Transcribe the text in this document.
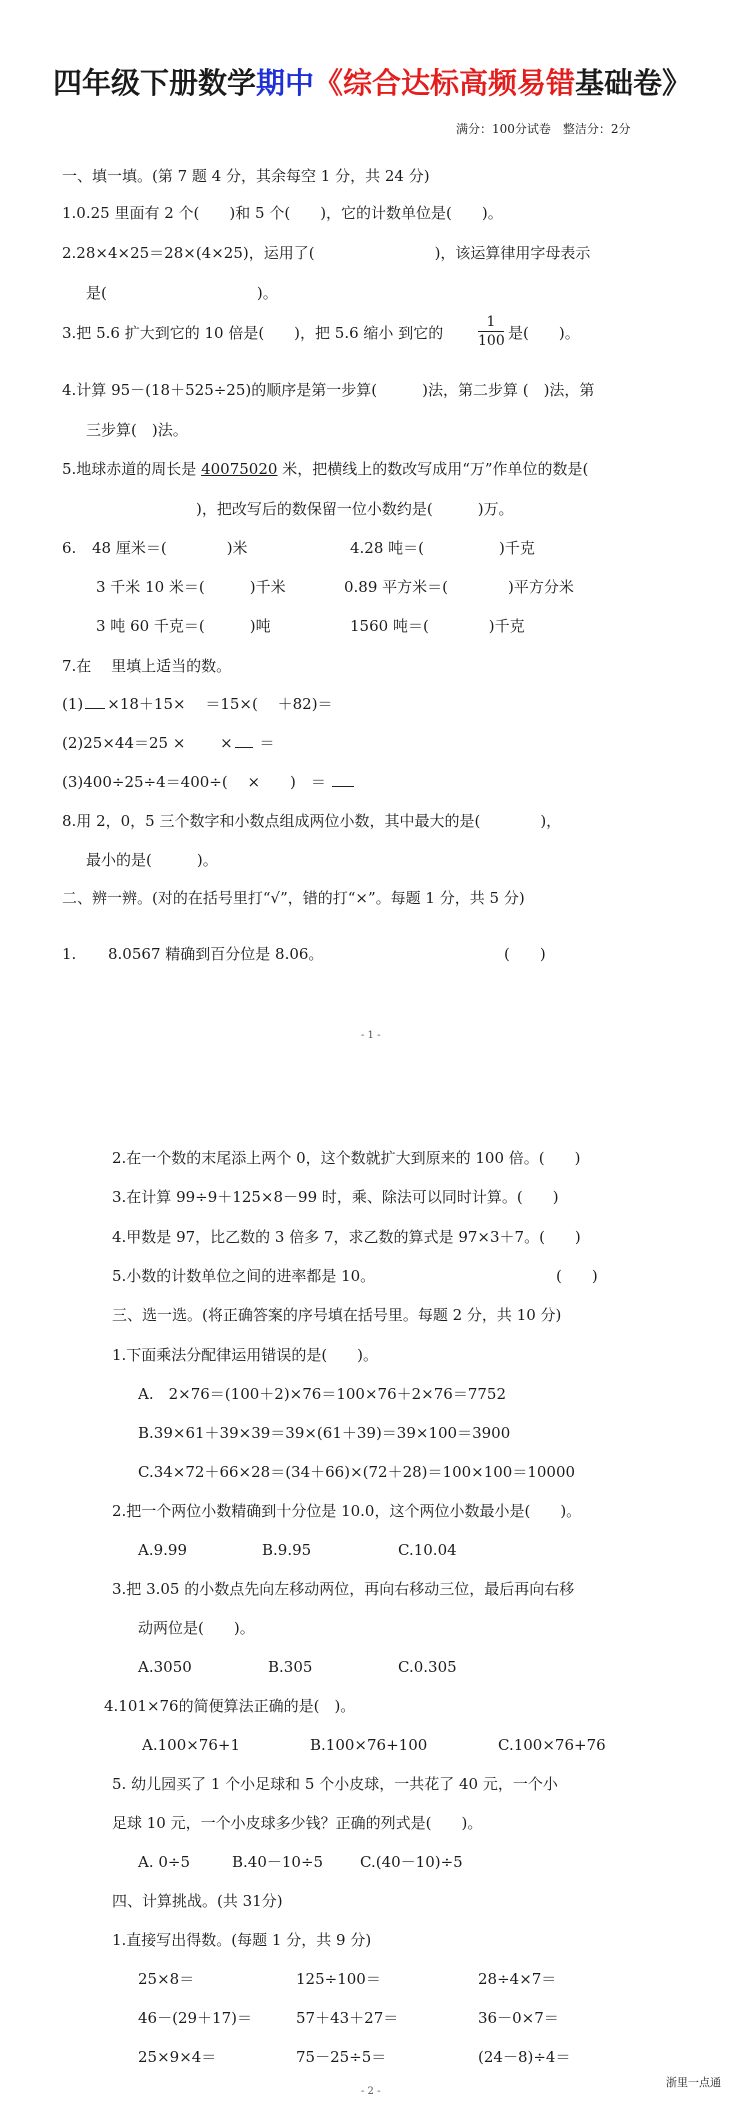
四年级下册数学期中《综合达标高频易错基础卷》
满分：100分试卷　整洁分：2分
一、填一填。(第 7 题 4 分，其余每空 1 分，共 24 分)
1.0.25 里面有 2 个(　　)和 5 个(　　)，它的计数单位是(　　)。
2.28×4×25＝28×(4×25)，运用了(　　　　　　　　)，该运算律用字母表示
是(　　　　　　　　　　)。
3.把 5.6 扩大到它的 10 倍是(　　)，把 5.6 缩小 到它的 $\frac{1}{100}$ 是(　　)。
4.计算 95－(18＋525÷25)的顺序是第一步算(　　　)法，第二步算 (　)法，第
三步算(　)法。
5.地球赤道的周长是 40075020 米，把横线上的数改写成用“万”作单位的数是(
)，把改写后的数保留一位小数约是(　　　)万。
6. 48 厘米＝(　　　　)米	4.28 吨＝(　　　　　)千克
3 千米 10 米＝(　　　)千米	0.89 平方米＝(　　　　)平方分米
3 吨 60 千克＝(　　　)吨	1560 吨＝(　　　　)千克
7.在　 里填上适当的数。
(1) ×18＋15×　 ＝15×(　 ＋82)＝
(2)25×44＝25 ×　　 × ＝
(3)400÷25÷4＝400÷(　 ×　　)　＝
8.用 2，0，5 三个数字和小数点组成两位小数，其中最大的是(　　　　)，
最小的是(　　　)。
二、辨一辨。(对的在括号里打“√”，错的打“×”。每题 1 分，共 5 分)
1. 8.0567 精确到百分位是 8.06。	(　　)
- 1 -
2.在一个数的末尾添上两个 0，这个数就扩大到原来的 100 倍。(　　)
3.在计算 99÷9＋125×8－99 时，乘、除法可以同时计算。(　　)
4.甲数是 97，比乙数的 3 倍多 7，求乙数的算式是 97×3＋7。(　　)
5.小数的计数单位之间的进率都是 10。	(　　)
三、选一选。(将正确答案的序号填在括号里。每题 2 分，共 10 分)
1.下面乘法分配律运用错误的是(　　)。
A.　2×76＝(100＋2)×76＝100×76＋2×76＝7752
B.39×61＋39×39＝39×(61＋39)＝39×100＝3900
C.34×72＋66×28＝(34＋66)×(72＋28)＝100×100＝10000
2.把一个两位小数精确到十分位是 10.0，这个两位小数最小是(　　)。
A.9.99	B.9.95	C.10.04
3.把 3.05 的小数点先向左移动两位，再向右移动三位，最后再向右移
动两位是(　　)。
A.3050	B.305	C.0.305
4.101×76的简便算法正确的是(　)。
A.100×76+1	B.100×76+100	C.100×76+76
5. 幼儿园买了 1 个小足球和 5 个小皮球，一共花了 40 元，一个小
足球 10 元，一个小皮球多少钱？正确的列式是(　　)。
A. 0÷5	B.40－10÷5 C.(40－10)÷5
四、计算挑战。(共 31分)
1.直接写出得数。(每题 1 分，共 9 分)
25×8＝	125÷100＝	28÷4×7＝
46－(29＋17)＝	57＋43＋27＝	36－0×7＝
25×9×4＝	75－25÷5＝	(24－8)÷4＝
- 2 -
浙里一点通
